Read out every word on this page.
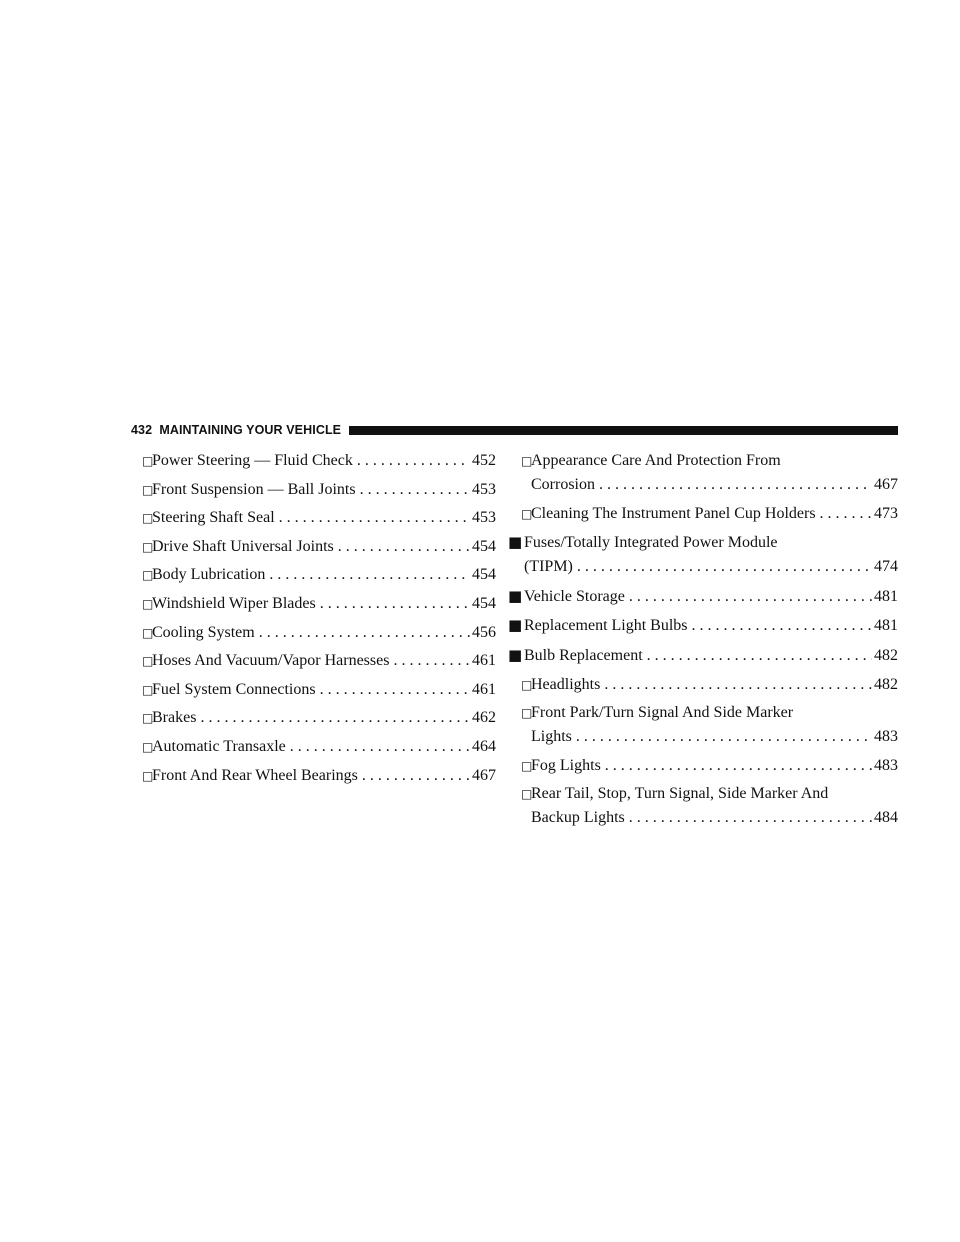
432 MAINTAINING YOUR VEHICLE
□Power Steering — Fluid Check . . .	452
□Front Suspension — Ball Joints . . .	453
□Steering Shaft Seal . . .	453
□Drive Shaft Universal Joints . . .	454
□Body Lubrication . . .	454
□Windshield Wiper Blades . . .	454
□Cooling System . . .	456
□Hoses And Vacuum/Vapor Harnesses . . .	461
□Fuel System Connections . . .	461
□Brakes . . .	462
□Automatic Transaxle . . .	464
□Front And Rear Wheel Bearings . . .	467
□Appearance Care And Protection From
Corrosion . . .	467
□Cleaning The Instrument Panel Cup Holders . . .	473
■ Fuses/Totally Integrated Power Module
(TIPM) . . .	474
■ Vehicle Storage . . .	481
■ Replacement Light Bulbs . . .	481
■ Bulb Replacement . . .	482
□Headlights . . .	482
□Front Park/Turn Signal And Side Marker
Lights . . .	483
□Fog Lights . . .	483
□Rear Tail, Stop, Turn Signal, Side Marker And
Backup Lights . . .	484
